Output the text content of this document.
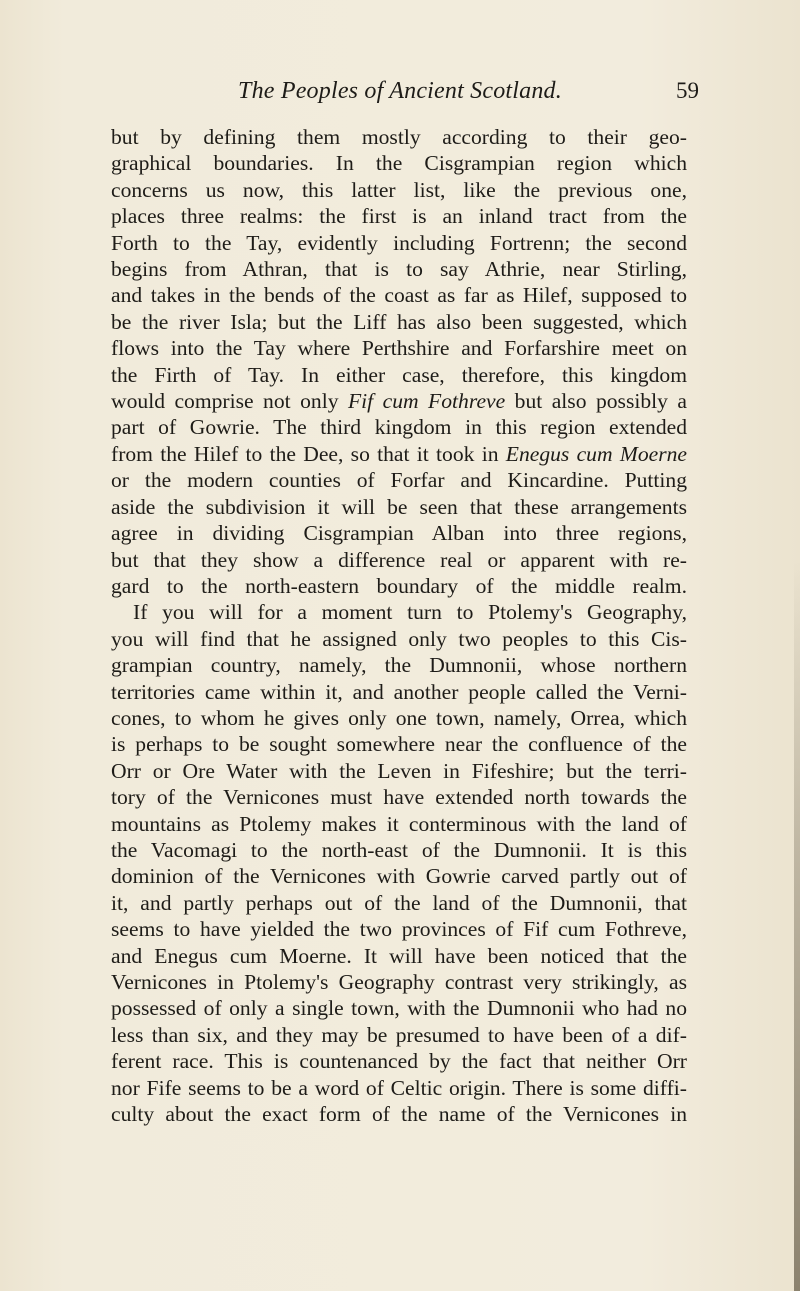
The Peoples of Ancient Scotland.	59
but by defining them mostly according to their geo-
graphical boundaries. In the Cisgrampian region which
concerns us now, this latter list, like the previous one,
places three realms: the first is an inland tract from the
Forth to the Tay, evidently including Fortrenn; the second
begins from Athran, that is to say Athrie, near Stirling,
and takes in the bends of the coast as far as Hilef, supposed to
be the river Isla; but the Liff has also been suggested, which
flows into the Tay where Perthshire and Forfarshire meet on
the Firth of Tay. In either case, therefore, this kingdom
would comprise not only Fif cum Fothreve but also possibly a
part of Gowrie. The third kingdom in this region extended
from the Hilef to the Dee, so that it took in Enegus cum Moerne
or the modern counties of Forfar and Kincardine. Putting
aside the subdivision it will be seen that these arrangements
agree in dividing Cisgrampian Alban into three regions,
but that they show a difference real or apparent with re-
gard to the north-eastern boundary of the middle realm.
If you will for a moment turn to Ptolemy's Geography,
you will find that he assigned only two peoples to this Cis-
grampian country, namely, the Dumnonii, whose northern
territories came within it, and another people called the Verni-
cones, to whom he gives only one town, namely, Orrea, which
is perhaps to be sought somewhere near the confluence of the
Orr or Ore Water with the Leven in Fifeshire; but the terri-
tory of the Vernicones must have extended north towards the
mountains as Ptolemy makes it conterminous with the land of
the Vacomagi to the north-east of the Dumnonii. It is this
dominion of the Vernicones with Gowrie carved partly out of
it, and partly perhaps out of the land of the Dumnonii, that
seems to have yielded the two provinces of Fif cum Fothreve,
and Enegus cum Moerne. It will have been noticed that the
Vernicones in Ptolemy's Geography contrast very strikingly, as
possessed of only a single town, with the Dumnonii who had no
less than six, and they may be presumed to have been of a dif-
ferent race. This is countenanced by the fact that neither Orr
nor Fife seems to be a word of Celtic origin. There is some diffi-
culty about the exact form of the name of the Vernicones in
